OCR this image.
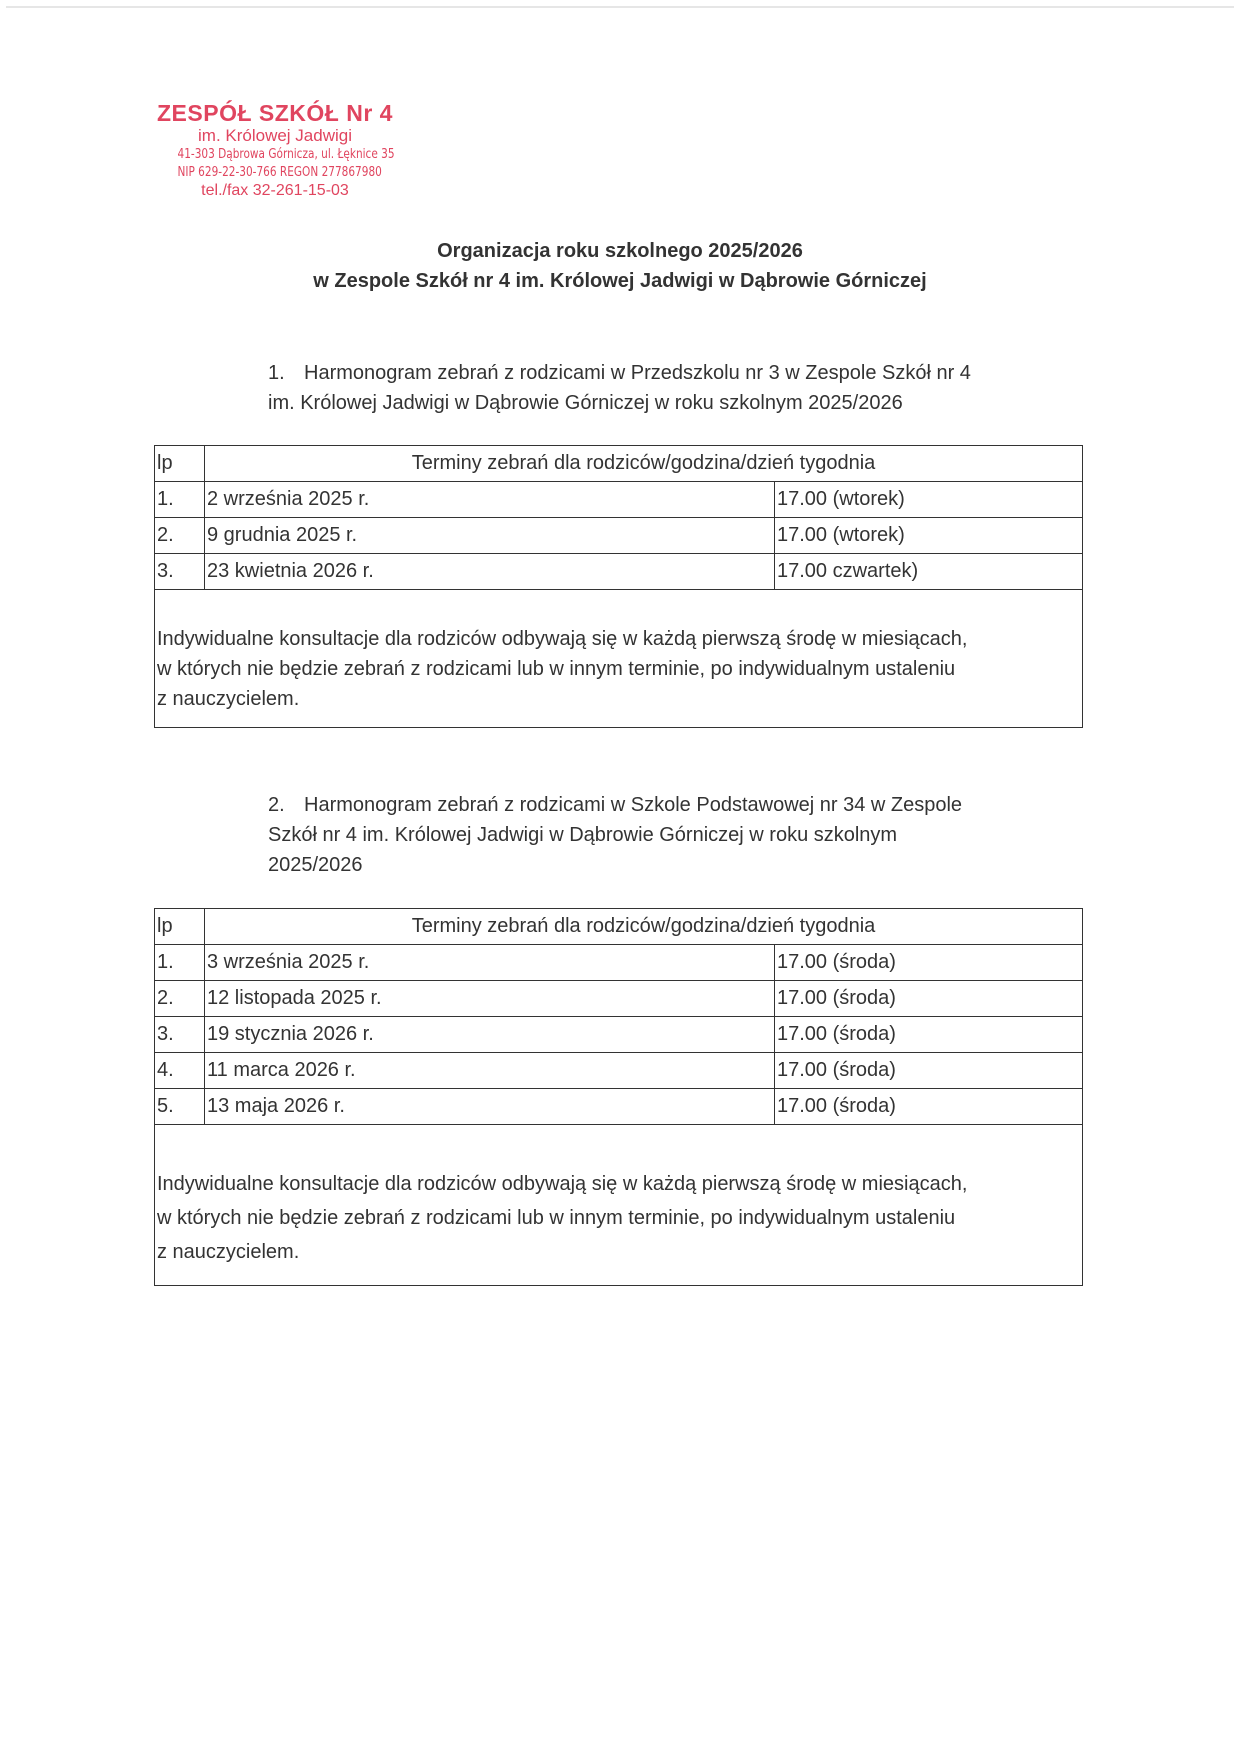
ZESPÓŁ SZKÓŁ Nr 4
im. Królowej Jadwigi
41-303 Dąbrowa Górnicza, ul. Łęknice 35
NIP 629-22-30-766 REGON 277867980
tel./fax 32-261-15-03
Organizacja roku szkolnego 2025/2026
w Zespole Szkół nr 4 im. Królowej Jadwigi w Dąbrowie Górniczej
1. Harmonogram zebrań z rodzicami w Przedszkolu nr 3 w Zespole Szkół nr 4
im. Królowej Jadwigi w Dąbrowie Górniczej w roku szkolnym 2025/2026
lp	Terminy zebrań dla rodziców/godzina/dzień tygodnia
1.	2 września 2025 r.	17.00 (wtorek)
2.	9 grudnia 2025 r.	17.00 (wtorek)
3.	23 kwietnia 2026 r.	17.00 czwartek)
Indywidualne konsultacje dla rodziców odbywają się w każdą pierwszą środę w miesiącach,
w których nie będzie zebrań z rodzicami lub w innym terminie, po indywidualnym ustaleniu
z nauczycielem.
2. Harmonogram zebrań z rodzicami w Szkole Podstawowej nr 34 w Zespole
Szkół nr 4 im. Królowej Jadwigi w Dąbrowie Górniczej w roku szkolnym
2025/2026
lp	Terminy zebrań dla rodziców/godzina/dzień tygodnia
1.	3 września 2025 r.	17.00 (środa)
2.	12 listopada 2025 r.	17.00 (środa)
3.	19 stycznia 2026 r.	17.00 (środa)
4.	11 marca 2026 r.	17.00 (środa)
5.	13 maja 2026 r.	17.00 (środa)
Indywidualne konsultacje dla rodziców odbywają się w każdą pierwszą środę w miesiącach,
w których nie będzie zebrań z rodzicami lub w innym terminie, po indywidualnym ustaleniu
z nauczycielem.
